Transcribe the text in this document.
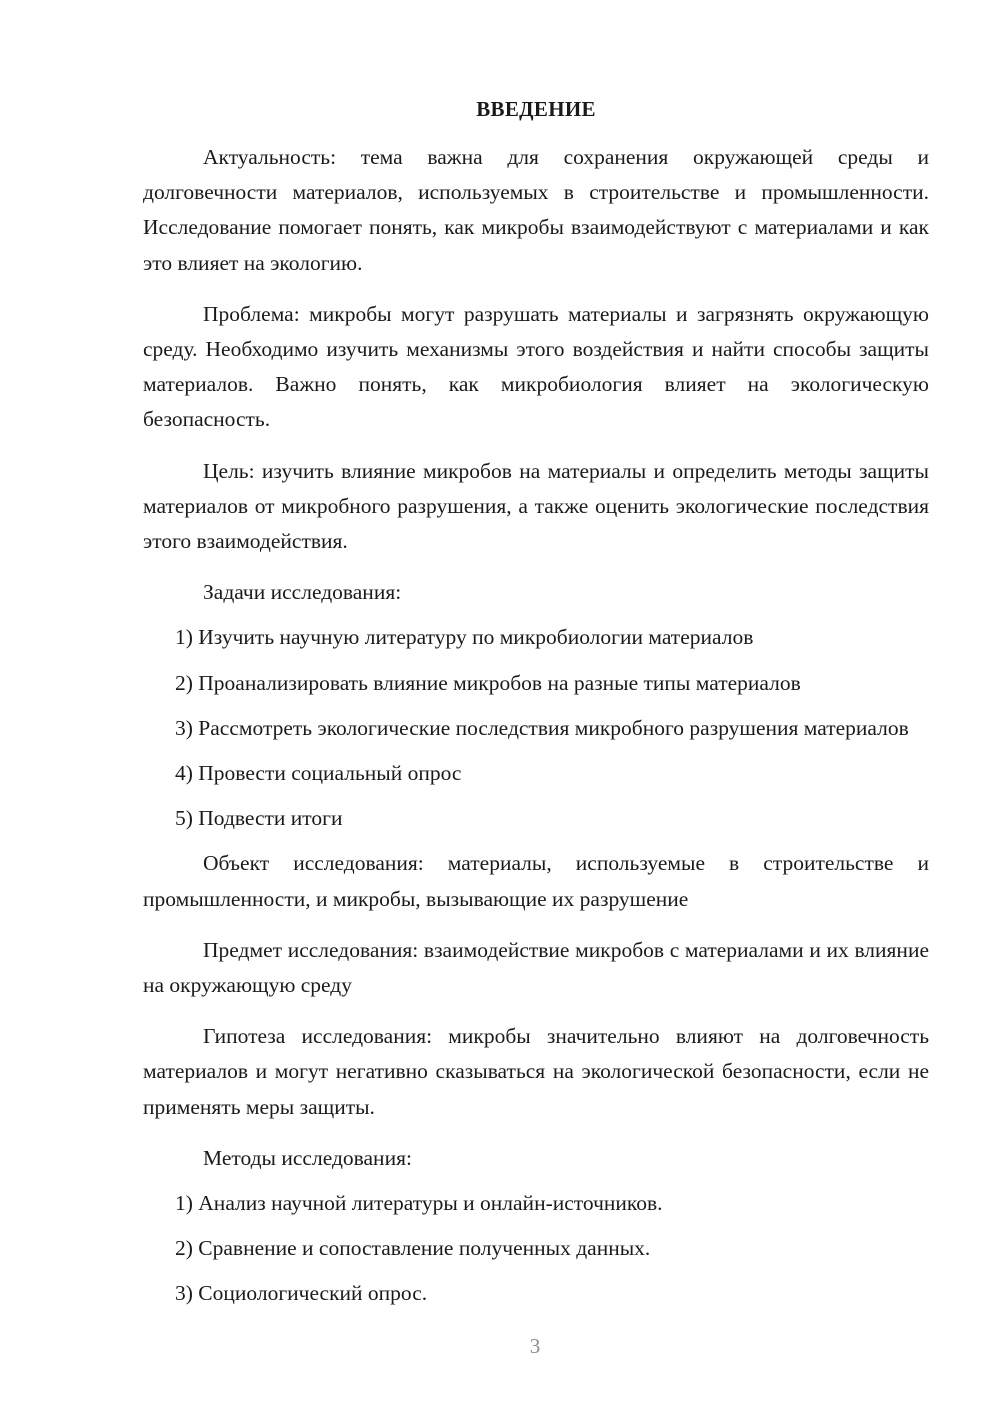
ВВЕДЕНИЕ

Актуальность: тема важна для сохранения окружающей среды и долговечности материалов, используемых в строительстве и промышленности. Исследование помогает понять, как микробы взаимодействуют с материалами и как это влияет на экологию.

Проблема: микробы могут разрушать материалы и загрязнять окружающую среду. Необходимо изучить механизмы этого воздействия и найти способы защиты материалов. Важно понять, как микробиология влияет на экологическую безопасность.

Цель: изучить влияние микробов на материалы и определить методы защиты материалов от микробного разрушения, а также оценить экологические последствия этого взаимодействия.

Задачи исследования:

1) Изучить научную литературу по микробиологии материалов

2) Проанализировать влияние микробов на разные типы материалов

3) Рассмотреть экологические последствия микробного разрушения материалов

4) Провести социальный опрос

5) Подвести итоги

Объект исследования: материалы, используемые в строительстве и промышленности, и микробы, вызывающие их разрушение

Предмет исследования: взаимодействие микробов с материалами и их влияние на окружающую среду

Гипотеза исследования: микробы значительно влияют на долговечность материалов и могут негативно сказываться на экологической безопасности, если не применять меры защиты.

Методы исследования:

1) Анализ научной литературы и онлайн-источников.

2) Сравнение и сопоставление полученных данных.

3) Социологический опрос.

3
